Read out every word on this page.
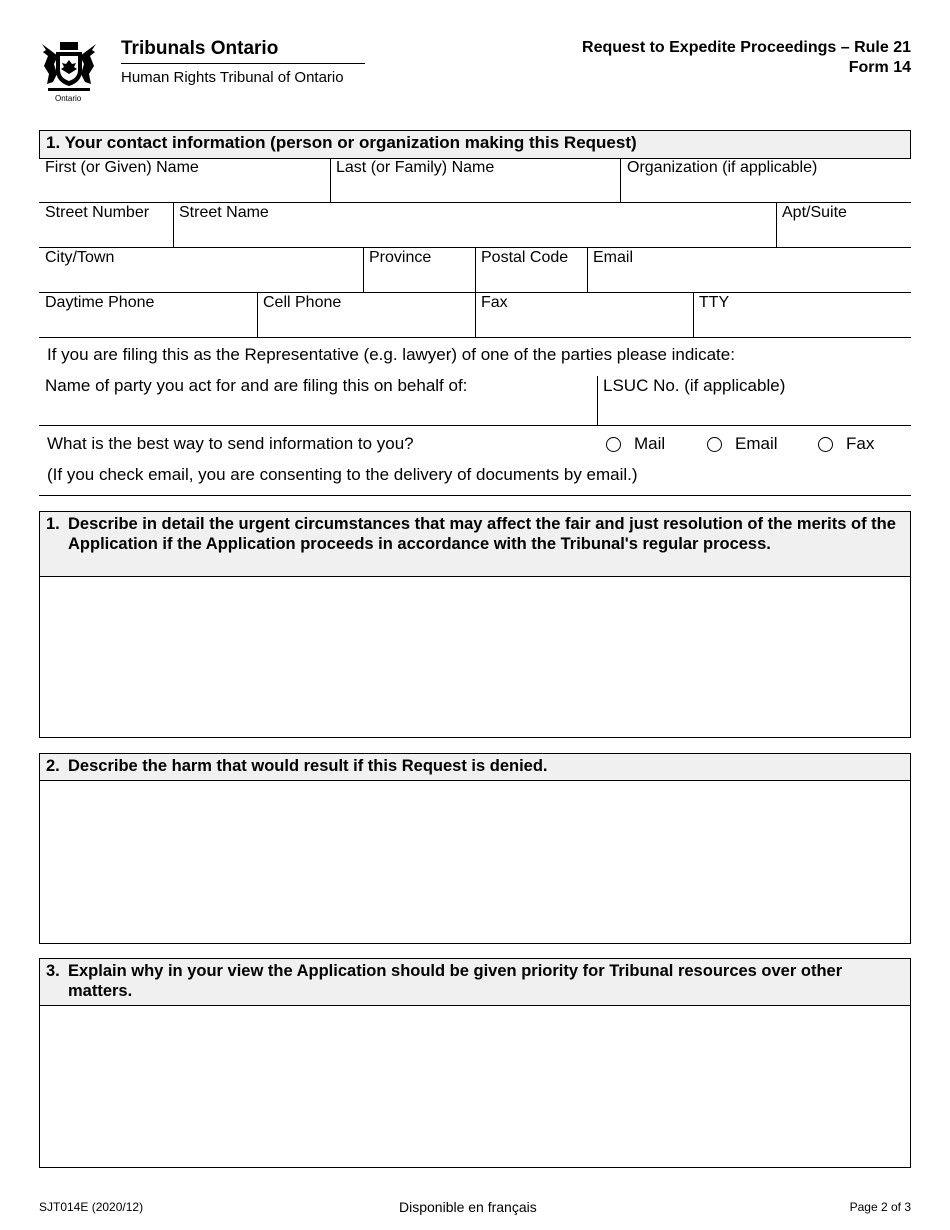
Ontario
Tribunals Ontario
Human Rights Tribunal of Ontario
Request to Expedite Proceedings – Rule 21
Form 14
1. Your contact information (person or organization making this Request)
First (or Given) Name	Last (or Family) Name	Organization (if applicable)
Street Number	Street Name	Apt/Suite
City/Town	Province	Postal Code	Email
Daytime Phone	Cell Phone	Fax	TTY
If you are filing this as the Representative (e.g. lawyer) of one of the parties please indicate:
Name of party you act for and are filing this on behalf of:	LSUC No. (if applicable)
What is the best way to send information to you?	Mail	Email	Fax
(If you check email, you are consenting to the delivery of documents by email.)
1. Describe in detail the urgent circumstances that may affect the fair and just resolution of the merits of the Application if the Application proceeds in accordance with the Tribunal's regular process.
2. Describe the harm that would result if this Request is denied.
3. Explain why in your view the Application should be given priority for Tribunal resources over other matters.
SJT014E (2020/12)	Disponible en français	Page 2 of 3
